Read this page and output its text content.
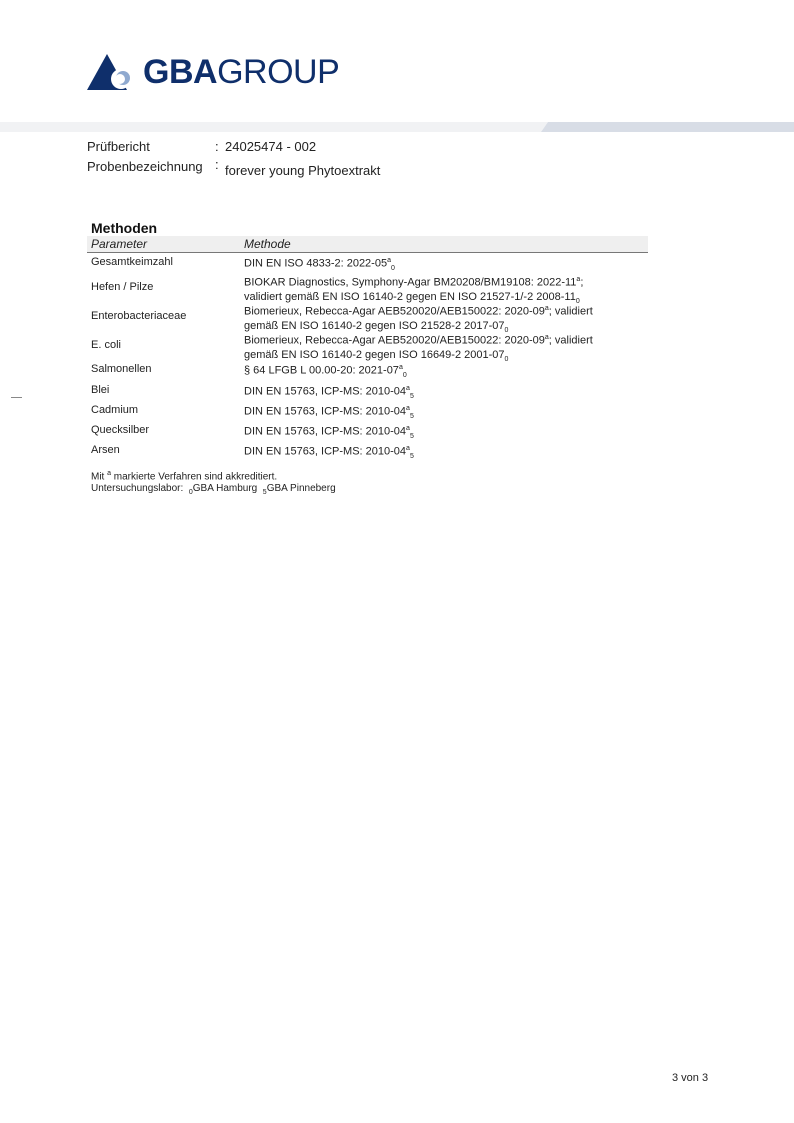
GBAGROUP
Prüfbericht	: 24025474 - 002
Probenbezeichnung : forever young Phytoextrakt
Methoden
Parameter	Methode
Gesamtkeimzahl	DIN EN ISO 4833-2: $2022-05^a_0$
Hefen / Pilze	BIOKAR Diagnostics, Symphony-Agar BM20208/BM19108: 2022-11$^a$;
validiert gemäß EN ISO 16140-2 gegen EN ISO 21527-1/-2 $2008-11_0$
Enterobacteriaceae	Biomerieux, Rebecca-Agar AEB520020/AEB150022: 2020-09$^a$; validiert
gemäß EN ISO 16140-2 gegen ISO 21528-2 $2017-07_0$
E. coli	Biomerieux, Rebecca-Agar AEB520020/AEB150022: 2020-09$^a$; validiert
gemäß EN ISO 16140-2 gegen ISO 16649-2 $2001-07_0$
Salmonellen	§ 64 LFGB L 00.00-20: $2021-07^a_0$
Blei	DIN EN 15763, ICP-MS: $2010-04^a_5$
Cadmium	DIN EN 15763, ICP-MS: $2010-04^a_5$
Quecksilber	DIN EN 15763, ICP-MS: $2010-04^a_5$
Arsen	DIN EN 15763, ICP-MS: $2010-04^a_5$
Mit $^a$ markierte Verfahren sind akkreditiert.
Untersuchungslabor: $_0$GBA Hamburg $_5$GBA Pinneberg
3 von 3
